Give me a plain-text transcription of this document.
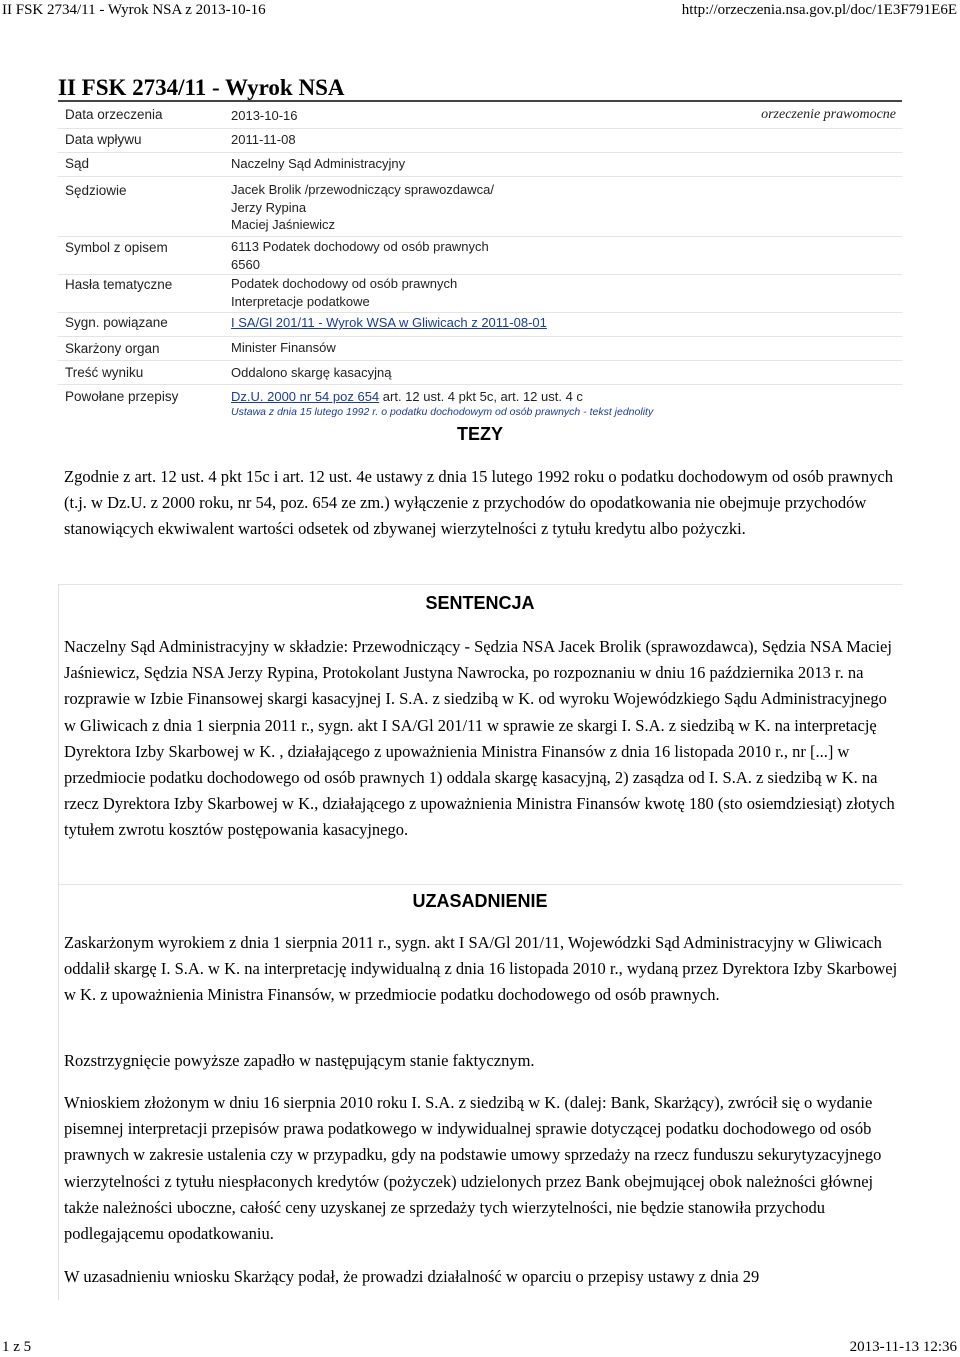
II FSK 2734/11 - Wyrok NSA z 2013-10-16	http://orzeczenia.nsa.gov.pl/doc/1E3F791E6E
II FSK 2734/11 - Wyrok NSA
orzeczenie prawomocne
Data orzeczenia	2013-10-16
Data wpływu	2011-11-08
Sąd	Naczelny Sąd Administracyjny
Sędziowie	Jacek Brolik /przewodniczący sprawozdawca/
Jerzy Rypina
Maciej Jaśniewicz
Symbol z opisem	6113 Podatek dochodowy od osób prawnych
6560
Hasła tematyczne	Podatek dochodowy od osób prawnych
Interpretacje podatkowe
Sygn. powiązane	I SA/Gl 201/11 - Wyrok WSA w Gliwicach z 2011-08-01
Skarżony organ	Minister Finansów
Treść wyniku	Oddalono skargę kasacyjną
Powołane przepisy	Dz.U. 2000 nr 54 poz 654 art. 12 ust. 4 pkt 5c, art. 12 ust. 4 c
Ustawa z dnia 15 lutego 1992 r. o podatku dochodowym od osób prawnych - tekst jednolity
TEZY
Zgodnie z art. 12 ust. 4 pkt 15c i art. 12 ust. 4e ustawy z dnia 15 lutego 1992 roku o podatku dochodowym od osób prawnych (t.j. w Dz.U. z 2000 roku, nr 54, poz. 654 ze zm.) wyłączenie z przychodów do opodatkowania nie obejmuje przychodów stanowiących ekwiwalent wartości odsetek od zbywanej wierzytelności z tytułu kredytu albo pożyczki.
SENTENCJA
Naczelny Sąd Administracyjny w składzie: Przewodniczący - Sędzia NSA Jacek Brolik (sprawozdawca), Sędzia NSA Maciej Jaśniewicz, Sędzia NSA Jerzy Rypina, Protokolant Justyna Nawrocka, po rozpoznaniu w dniu 16 października 2013 r. na rozprawie w Izbie Finansowej skargi kasacyjnej I. S.A. z siedzibą w K. od wyroku Wojewódzkiego Sądu Administracyjnego w Gliwicach z dnia 1 sierpnia 2011 r., sygn. akt I SA/Gl 201/11 w sprawie ze skargi I. S.A. z siedzibą w K. na interpretację Dyrektora Izby Skarbowej w K. , działającego z upoważnienia Ministra Finansów z dnia 16 listopada 2010 r., nr [...] w przedmiocie podatku dochodowego od osób prawnych 1) oddala skargę kasacyjną, 2) zasądza od I. S.A. z siedzibą w K. na rzecz Dyrektora Izby Skarbowej w K., działającego z upoważnienia Ministra Finansów kwotę 180 (sto osiemdziesiąt) złotych tytułem zwrotu kosztów postępowania kasacyjnego.
UZASADNIENIE
Zaskarżonym wyrokiem z dnia 1 sierpnia 2011 r., sygn. akt I SA/Gl 201/11, Wojewódzki Sąd Administracyjny w Gliwicach oddalił skargę I. S.A. w K. na interpretację indywidualną z dnia 16 listopada 2010 r., wydaną przez Dyrektora Izby Skarbowej w K. z upoważnienia Ministra Finansów, w przedmiocie podatku dochodowego od osób prawnych.
Rozstrzygnięcie powyższe zapadło w następującym stanie faktycznym.
Wnioskiem złożonym w dniu 16 sierpnia 2010 roku I. S.A. z siedzibą w K. (dalej: Bank, Skarżący), zwrócił się o wydanie pisemnej interpretacji przepisów prawa podatkowego w indywidualnej sprawie dotyczącej podatku dochodowego od osób prawnych w zakresie ustalenia czy w przypadku, gdy na podstawie umowy sprzedaży na rzecz funduszu sekurytyzacyjnego wierzytelności z tytułu niespłaconych kredytów (pożyczek) udzielonych przez Bank obejmującej obok należności głównej także należności uboczne, całość ceny uzyskanej ze sprzedaży tych wierzytelności, nie będzie stanowiła przychodu podlegającemu opodatkowaniu.
W uzasadnieniu wniosku Skarżący podał, że prowadzi działalność w oparciu o przepisy ustawy z dnia 29
1 z 5	2013-11-13 12:36
